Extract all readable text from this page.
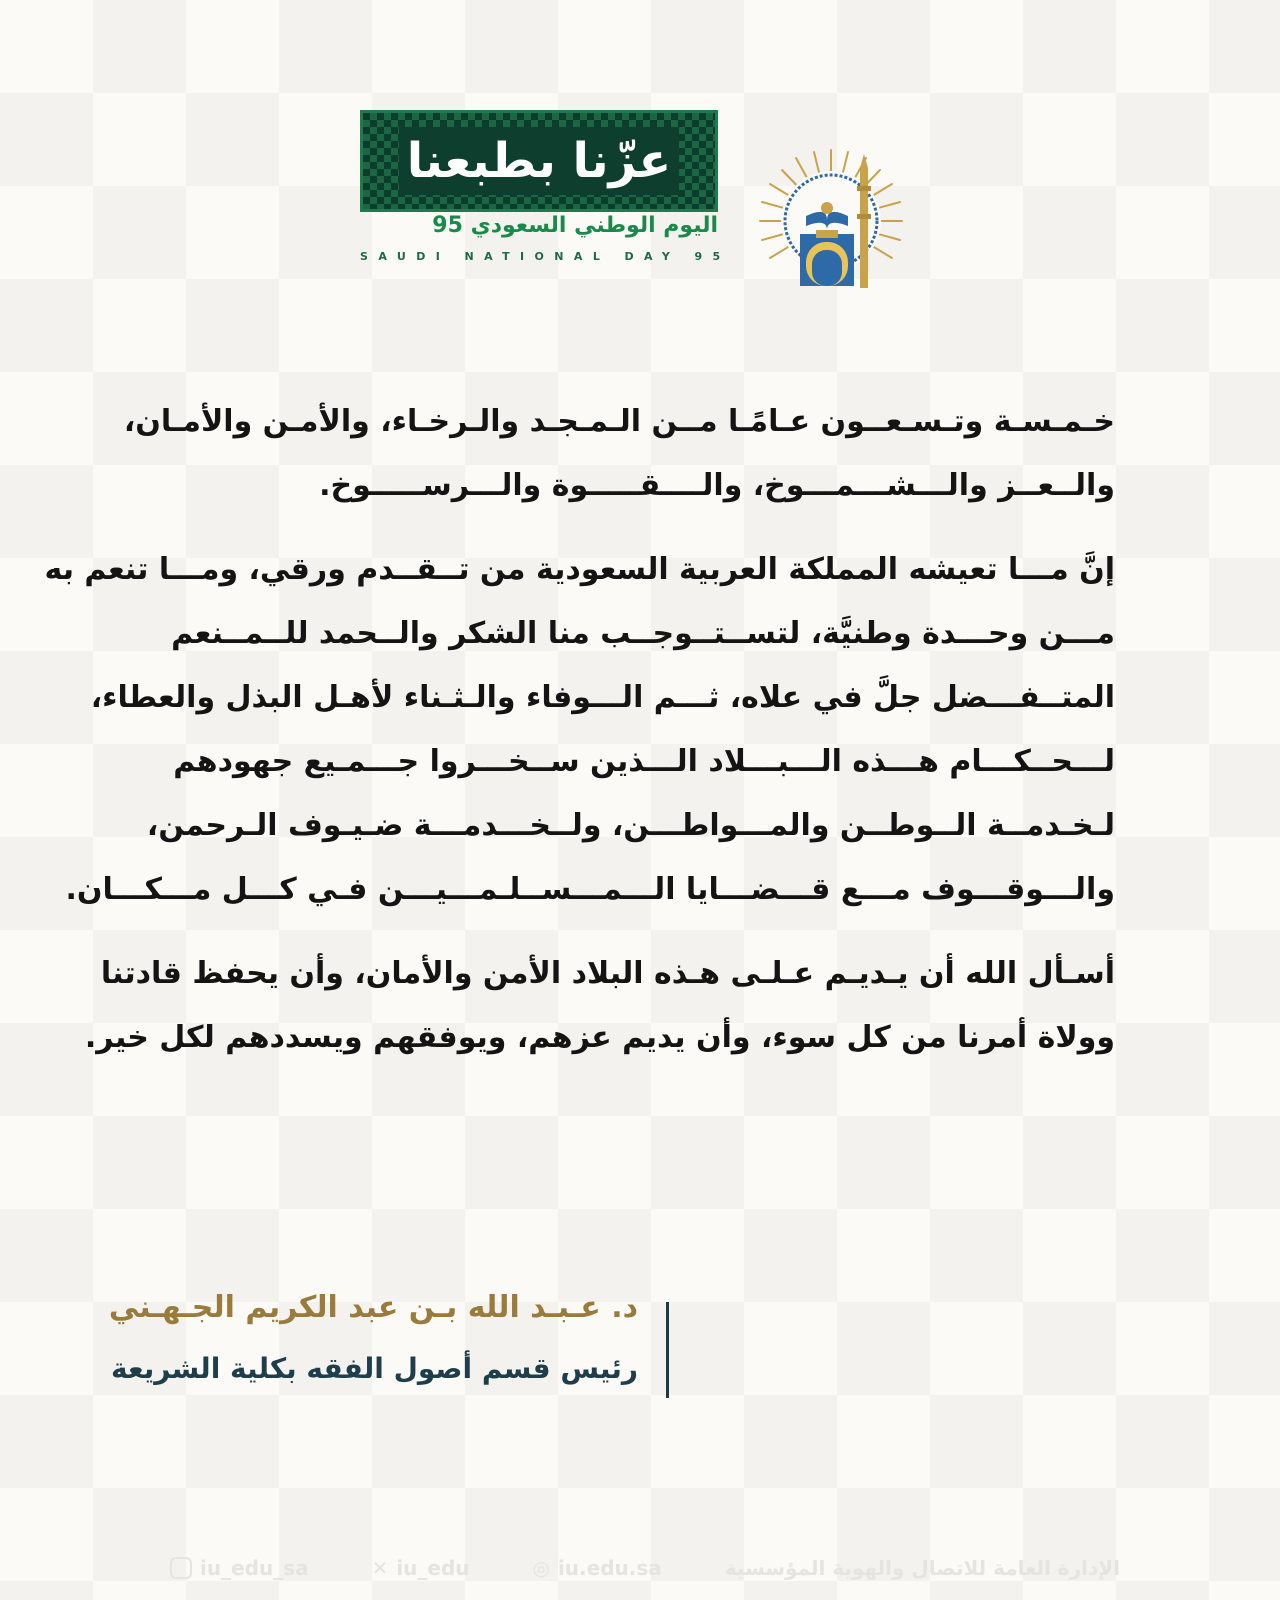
عزّنا بطبعنا
اليوم الوطني السعودي 95
SAUDI NATIONAL DAY 95
خـمـسـة وتـسـعــون عـامًـا مــن الـمـجـد والـرخـاء، والأمـن والأمـان،
والــعــز والـــشـــمـــوخ، والــــقـــــوة والـــرســـــوخ.
إنَّ مـــا تعيشه المملكة العربية السعودية من تــقــدم ورقي، ومـــا تنعم به
مـــن وحـــدة وطنيَّة، لتســتــوجــب منا الشكر والــحمد للــمــنعم
المتــفـــضل جلَّ في علاه، ثـــم الـــوفاء والـثـناء لأهـل البذل والعطاء،
لـــحــكـــام هـــذه الـــبـــلاد الـــذين ســخـــروا جـــمـيع جهودهم
لـخـدمــة الــوطــن والمـــواطـــن، ولــخـــدمـــة ضـيـوف الـرحمن،
والـــوقـــوف مـــع قـــضـــايا الـــمـــســلـمـــيـــن فـي كـــل مـــكـــان.
أسـأل الله أن يـديـم عـلـى هـذه البلاد الأمن والأمان، وأن يحفظ قادتنا
وولاة أمرنا من كل سوء، وأن يديم عزهم، ويوفقهم ويسددهم لكل خير.
د. عـبـد الله بـن عبد الكريم الجـهـني
رئيس قسم أصول الفقه بكلية الشريعة
iu_edu_sa	✕ iu_edu	◎ iu.edu.sa	الإدارة العامة للاتصال والهوية المؤسسية
